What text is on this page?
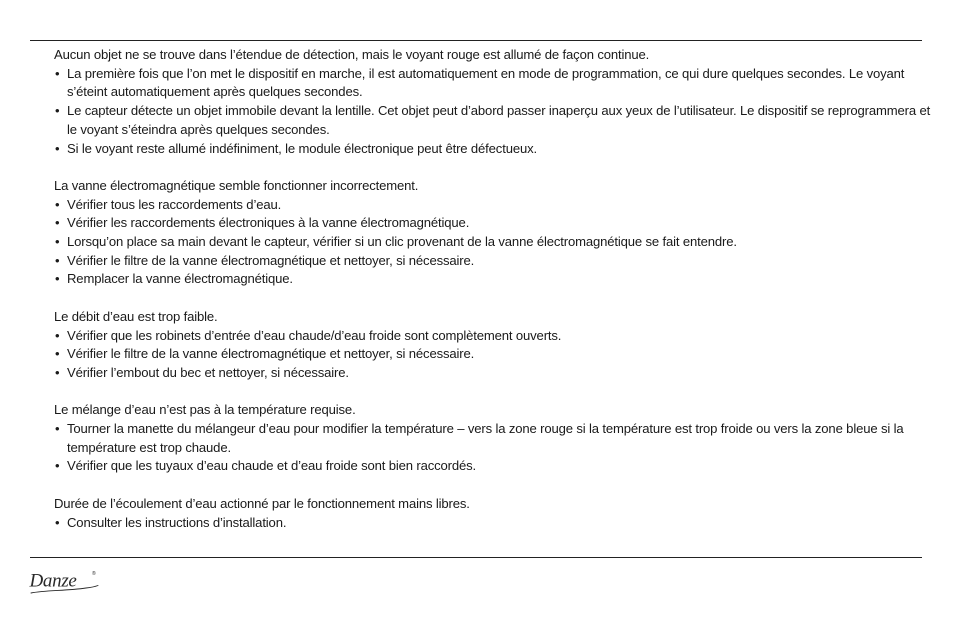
Aucun objet ne se trouve dans l’étendue de détection, mais le voyant rouge est allumé de façon continue.
• La première fois que l’on met le dispositif en marche, il est automatiquement en mode de programmation, ce qui dure quelques secondes. Le voyant s’éteint automatiquement après quelques secondes.
• Le capteur détecte un objet immobile devant la lentille. Cet objet peut d’abord passer inaperçu aux yeux de l’utilisateur. Le dispositif se reprogrammera et le voyant s’éteindra après quelques secondes.
• Si le voyant reste allumé indéfiniment, le module électronique peut être défectueux.
La vanne électromagnétique semble fonctionner incorrectement.
• Vérifier tous les raccordements d’eau.
• Vérifier les raccordements électroniques à la vanne électromagnétique.
• Lorsqu’on place sa main devant le capteur, vérifier si un clic provenant de la vanne électromagnétique se fait entendre.
• Vérifier le filtre de la vanne électromagnétique et nettoyer, si nécessaire.
• Remplacer la vanne électromagnétique.
Le débit d’eau est trop faible.
• Vérifier que les robinets d’entrée d’eau chaude/d’eau froide sont complètement ouverts.
• Vérifier le filtre de la vanne électromagnétique et nettoyer, si nécessaire.
• Vérifier l’embout du bec et nettoyer, si nécessaire.
Le mélange d’eau n’est pas à la température requise.
• Tourner la manette du mélangeur d’eau pour modifier la température – vers la zone rouge si la température est trop froide ou vers la zone bleue si la température est trop chaude.
• Vérifier que les tuyaux d’eau chaude et d’eau froide sont bien raccordés.
Durée de l’écoulement d’eau actionné par le fonctionnement mains libres.
• Consulter les instructions d’installation.
Danze	®
